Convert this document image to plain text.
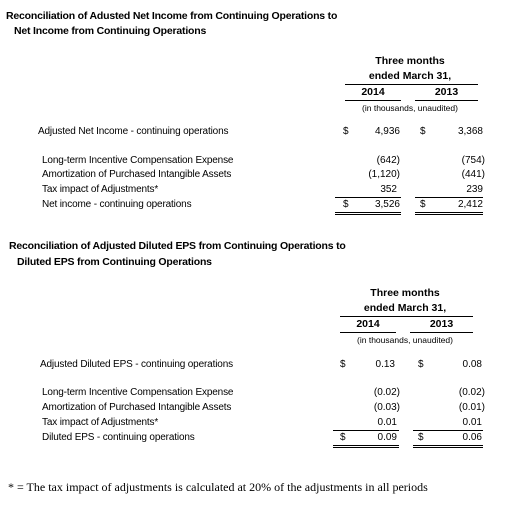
Reconciliation of Adusted Net Income from Continuing Operations to
Net Income from Continuing Operations
Three months
ended March 31,
2014	2013
(in thousands, unaudited)
Adjusted Net Income - continuing operations	$	4,936 $	3,368
Long-term Incentive Compensation Expense	(642)	(754)
Amortization of Purchased Intangible Assets	(1,120)	(441)
Tax impact of Adjustments*	352	239
Net income - continuing operations	$	3,526 $	2,412
Reconciliation of Adjusted Diluted EPS from Continuing Operations to
Diluted EPS from Continuing Operations
Three months
ended March 31,
2014	2013
(in thousands, unaudited)
Adjusted Diluted EPS - continuing operations	$	0.13 $	0.08
Long-term Incentive Compensation Expense	(0.02)	(0.02)
Amortization of Purchased Intangible Assets	(0.03)	(0.01)
Tax impact of Adjustments*	0.01	0.01
Diluted EPS - continuing operations	$	0.09 $	0.06
* = The tax impact of adjustments is calculated at 20% of the adjustments in all periods
